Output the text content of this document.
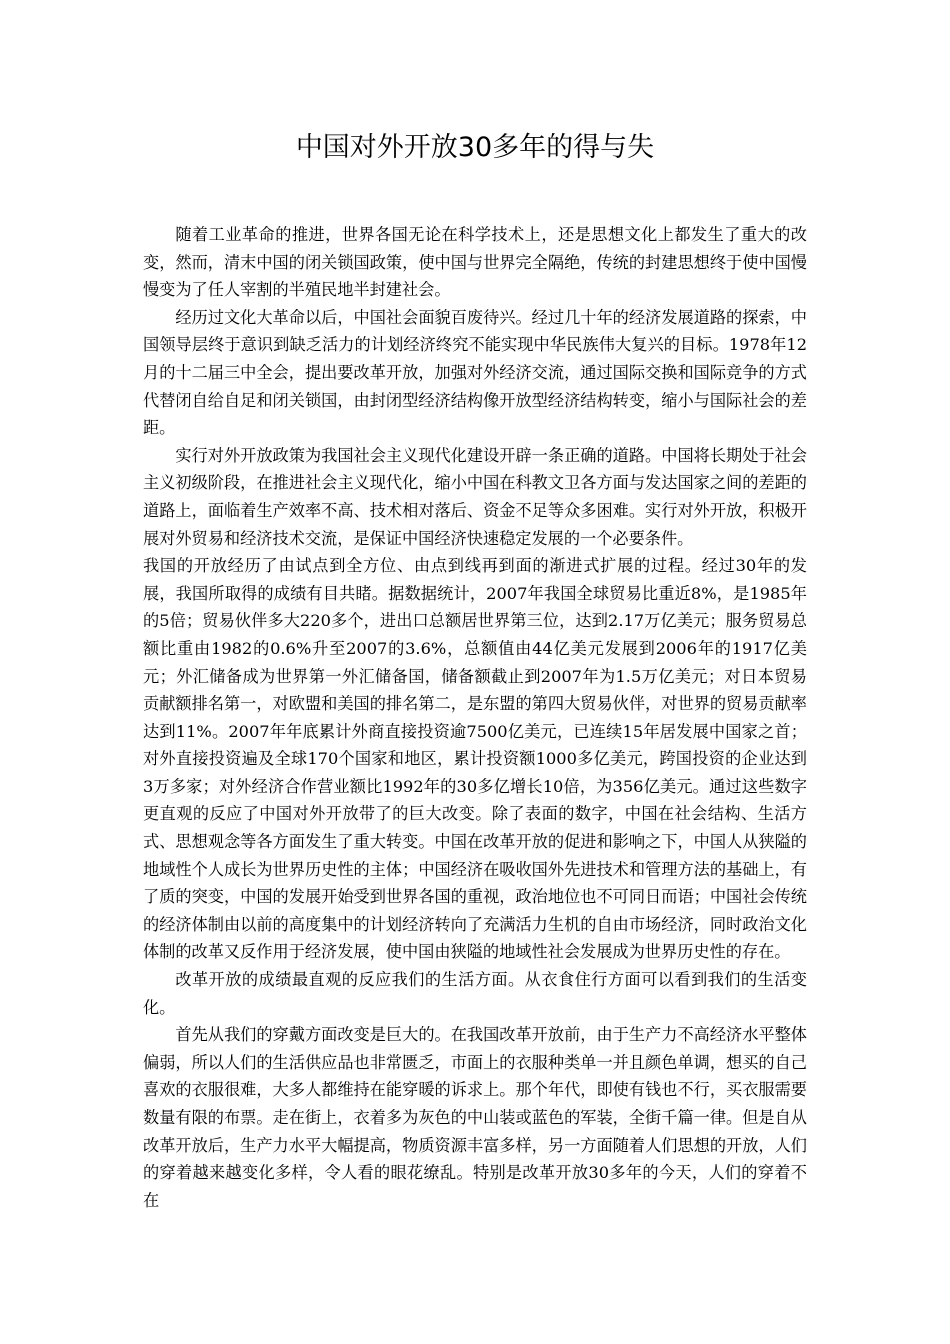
中国对外开放30多年的得与失

随着工业革命的推进，世界各国无论在科学技术上，还是思想文化上都发生了重大的改变，然而，清末中国的闭关锁国政策，使中国与世界完全隔绝，传统的封建思想终于使中国慢慢变为了任人宰割的半殖民地半封建社会。

经历过文化大革命以后，中国社会面貌百废待兴。经过几十年的经济发展道路的探索，中国领导层终于意识到缺乏活力的计划经济终究不能实现中华民族伟大复兴的目标。1978年12月的十二届三中全会，提出要改革开放，加强对外经济交流，通过国际交换和国际竞争的方式代替闭自给自足和闭关锁国，由封闭型经济结构像开放型经济结构转变，缩小与国际社会的差距。

实行对外开放政策为我国社会主义现代化建设开辟一条正确的道路。中国将长期处于社会主义初级阶段，在推进社会主义现代化，缩小中国在科教文卫各方面与发达国家之间的差距的道路上，面临着生产效率不高、技术相对落后、资金不足等众多困难。实行对外开放，积极开展对外贸易和经济技术交流，是保证中国经济快速稳定发展的一个必要条件。

我国的开放经历了由试点到全方位、由点到线再到面的渐进式扩展的过程。经过30年的发展，我国所取得的成绩有目共睹。据数据统计，2007年我国全球贸易比重近8%，是1985年的5倍；贸易伙伴多大220多个，进出口总额居世界第三位，达到2.17万亿美元；服务贸易总额比重由1982的0.6%升至2007的3.6%，总额值由44亿美元发展到2006年的1917亿美元；外汇储备成为世界第一外汇储备国，储备额截止到2007年为1.5万亿美元；对日本贸易贡献额排名第一，对欧盟和美国的排名第二，是东盟的第四大贸易伙伴，对世界的贸易贡献率达到11%。2007年年底累计外商直接投资逾7500亿美元，已连续15年居发展中国家之首；对外直接投资遍及全球170个国家和地区，累计投资额1000多亿美元，跨国投资的企业达到3万多家；对外经济合作营业额比1992年的30多亿增长10倍，为356亿美元。通过这些数字更直观的反应了中国对外开放带了的巨大改变。除了表面的数字，中国在社会结构、生活方式、思想观念等各方面发生了重大转变。中国在改革开放的促进和影响之下，中国人从狭隘的地域性个人成长为世界历史性的主体；中国经济在吸收国外先进技术和管理方法的基础上，有了质的突变，中国的发展开始受到世界各国的重视，政治地位也不可同日而语；中国社会传统的经济体制由以前的高度集中的计划经济转向了充满活力生机的自由市场经济，同时政治文化体制的改革又反作用于经济发展，使中国由狭隘的地域性社会发展成为世界历史性的存在。

改革开放的成绩最直观的反应我们的生活方面。从衣食住行方面可以看到我们的生活变化。

首先从我们的穿戴方面改变是巨大的。在我国改革开放前，由于生产力不高经济水平整体偏弱，所以人们的生活供应品也非常匮乏，市面上的衣服种类单一并且颜色单调，想买的自己喜欢的衣服很难，大多人都维持在能穿暖的诉求上。那个年代，即使有钱也不行，买衣服需要数量有限的布票。走在街上，衣着多为灰色的中山装或蓝色的军装，全街千篇一律。但是自从改革开放后，生产力水平大幅提高，物质资源丰富多样，另一方面随着人们思想的开放，人们的穿着越来越变化多样，令人看的眼花缭乱。特别是改革开放30多年的今天，人们的穿着不在
